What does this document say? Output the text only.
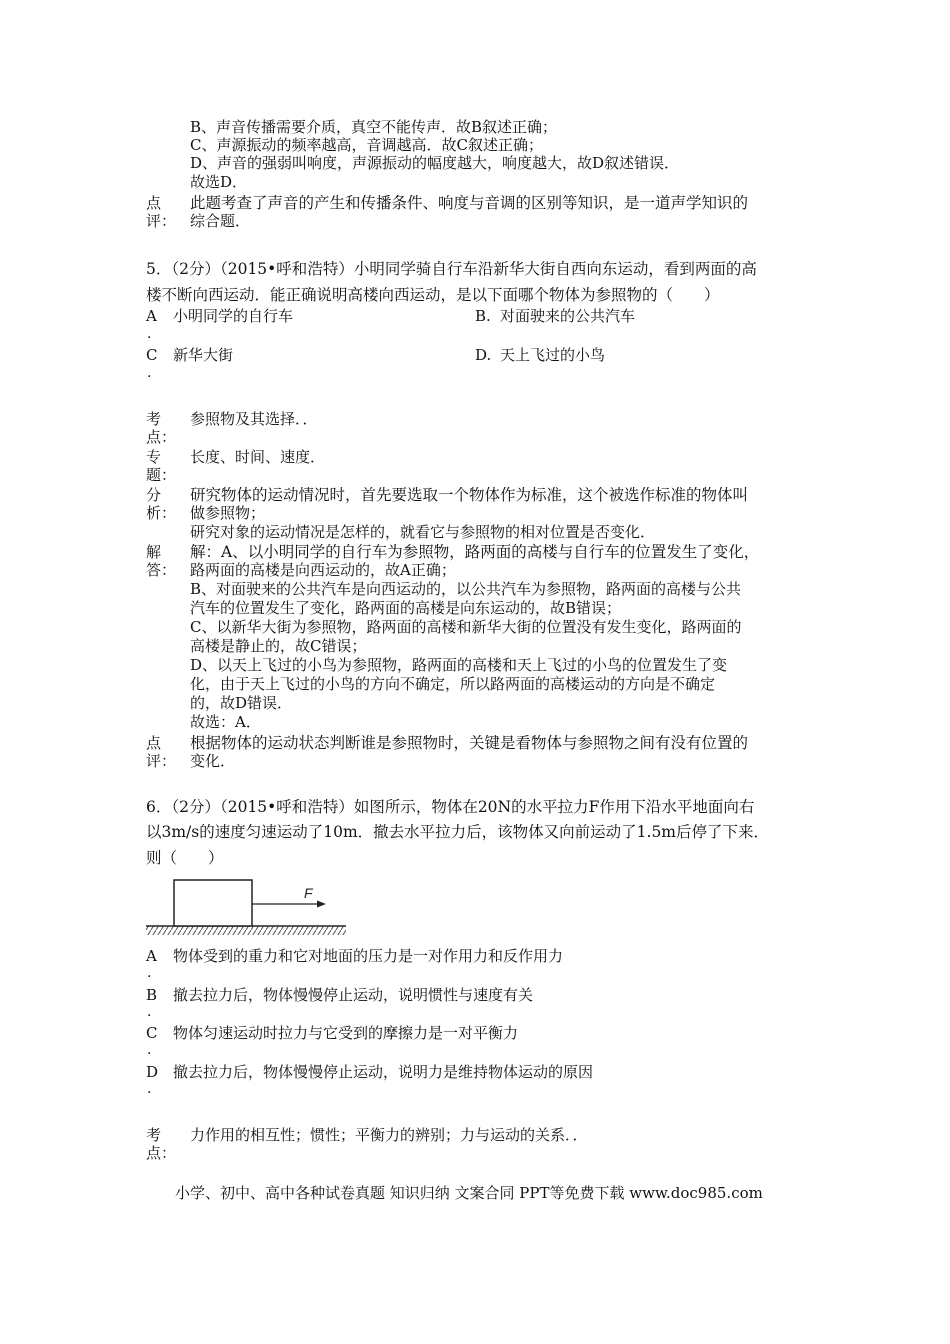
B、声音传播需要介质，真空不能传声．故B叙述正确；
C、声源振动的频率越高，音调越高．故C叙述正确；
D、声音的强弱叫响度，声源振动的幅度越大，响度越大，故D叙述错误．
故选D．
点
评：
此题考查了声音的产生和传播条件、响度与音调的区别等知识，是一道声学知识的
综合题．
5．（2分）（2015•呼和浩特）小明同学骑自行车沿新华大街自西向东运动，看到两面的高
楼不断向西运动．能正确说明高楼向西运动，是以下面哪个物体为参照物的（　　）
A 小明同学的自行车
.
B. 对面驶来的公共汽车
C 新华大街
.
D. 天上飞过的小鸟
考
点：
参照物及其选择．．
专
题：
长度、时间、速度．
分
析：
研究物体的运动情况时，首先要选取一个物体作为标准，这个被选作标准的物体叫
做参照物；
研究对象的运动情况是怎样的，就看它与参照物的相对位置是否变化．
解
答：
解：A、以小明同学的自行车为参照物，路两面的高楼与自行车的位置发生了变化，
路两面的高楼是向西运动的，故A正确；
B、对面驶来的公共汽车是向西运动的，以公共汽车为参照物，路两面的高楼与公共
汽车的位置发生了变化，路两面的高楼是向东运动的，故B错误；
C、以新华大街为参照物，路两面的高楼和新华大街的位置没有发生变化，路两面的
高楼是静止的，故C错误；
D、以天上飞过的小鸟为参照物，路两面的高楼和天上飞过的小鸟的位置发生了变
化，由于天上飞过的小鸟的方向不确定，所以路两面的高楼运动的方向是不确定
的，故D错误．
故选：A．
点
评：
根据物体的运动状态判断谁是参照物时，关键是看物体与参照物之间有没有位置的
变化．
6．（2分）（2015•呼和浩特）如图所示，物体在20N的水平拉力F作用下沿水平地面向右
以3m/s的速度匀速运动了10m．撤去水平拉力后，该物体又向前运动了1.5m后停了下来．
则（　　）
F
A 物体受到的重力和它对地面的压力是一对作用力和反作用力
.
B 撤去拉力后，物体慢慢停止运动，说明惯性与速度有关
.
C 物体匀速运动时拉力与它受到的摩擦力是一对平衡力
.
D 撤去拉力后，物体慢慢停止运动，说明力是维持物体运动的原因
.
考
点：
力作用的相互性；惯性；平衡力的辨别；力与运动的关系．．
小学、初中、高中各种试卷真题 知识归纳 文案合同 PPT等免费下载 www.doc985.com
